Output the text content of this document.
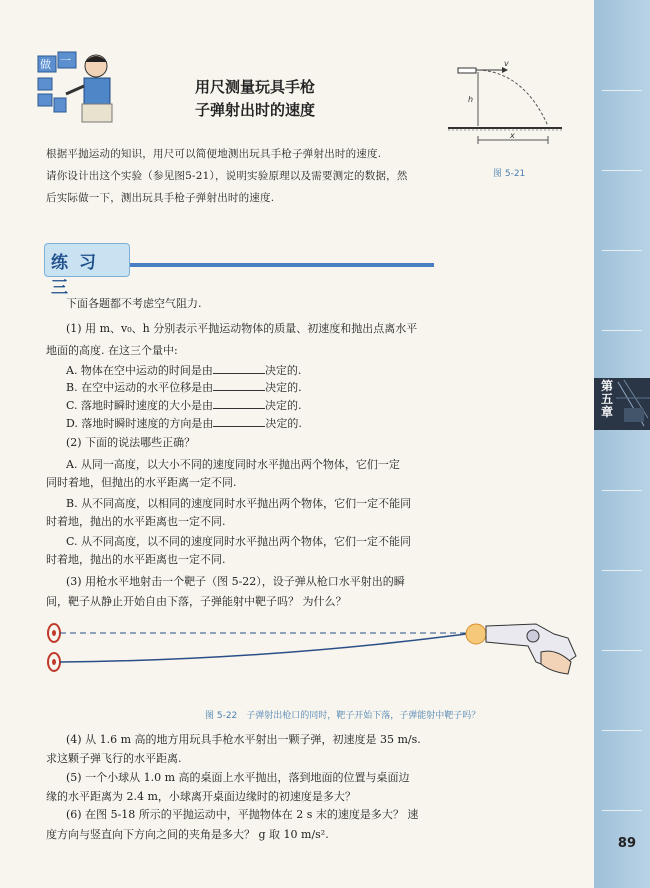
第五章
做 一
用尺测量玩具手枪
子弹射出时的速度
v
h
x
图 5-21
根据平抛运动的知识，用尺可以简便地测出玩具手枪子弹射出时的速度.
请你设计出这个实验（参见图5-21），说明实验原理以及需要测定的数据，然
后实际做一下，测出玩具手枪子弹射出时的速度.
练习三
下面各题都不考虑空气阻力.
(1) 用 m、v₀、h 分别表示平抛运动物体的质量、初速度和抛出点离水平
地面的高度. 在这三个量中:
A. 物体在空中运动的时间是由	决定的.
B. 在空中运动的水平位移是由	决定的.
C. 落地时瞬时速度的大小是由	决定的.
D. 落地时瞬时速度的方向是由	决定的.
(2) 下面的说法哪些正确？
A. 从同一高度，以大小不同的速度同时水平抛出两个物体，它们一定
同时着地，但抛出的水平距离一定不同.
B. 从不同高度，以相同的速度同时水平抛出两个物体，它们一定不能同
时着地，抛出的水平距离也一定不同.
C. 从不同高度，以不同的速度同时水平抛出两个物体，它们一定不能同
时着地，抛出的水平距离也一定不同.
(3) 用枪水平地射击一个靶子（图 5-22），设子弹从枪口水平射出的瞬
间，靶子从静止开始自由下落，子弹能射中靶子吗？ 为什么？
图 5-22　子弹射出枪口的同时，靶子开始下落，子弹能射中靶子吗？
(4) 从 1.6 m 高的地方用玩具手枪水平射出一颗子弹，初速度是 35 m/s.
求这颗子弹飞行的水平距离.
(5) 一个小球从 1.0 m 高的桌面上水平抛出，落到地面的位置与桌面边
缘的水平距离为 2.4 m，小球离开桌面边缘时的初速度是多大？
(6) 在图 5-18 所示的平抛运动中，平抛物体在 2 s 末的速度是多大？ 速
度方向与竖直向下方向之间的夹角是多大？ g 取 10 m/s².
89
